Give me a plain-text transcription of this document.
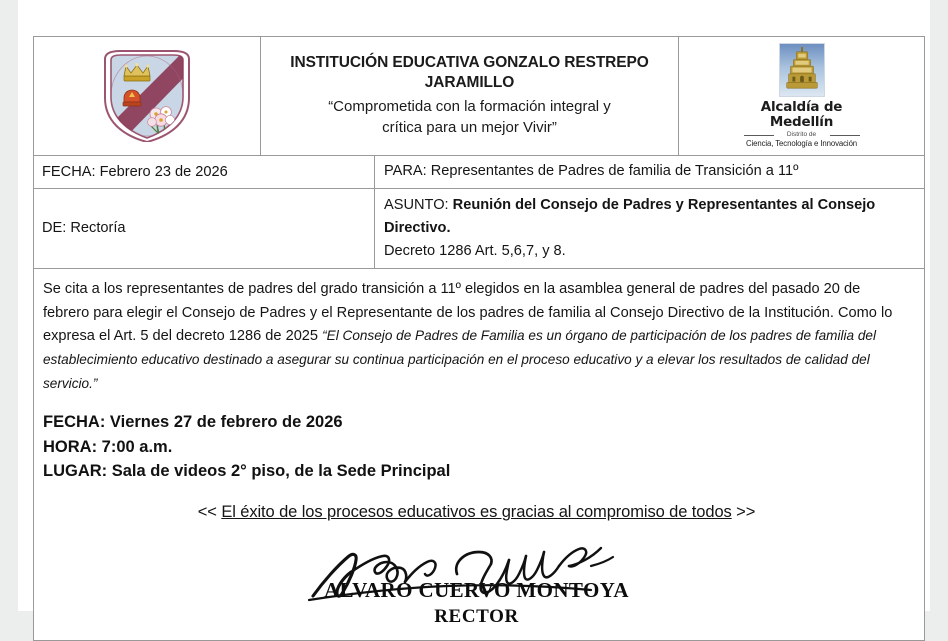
INSTITUCIÓN EDUCATIVA GONZALO RESTREPO JARAMILLO
“Comprometida con la formación integral y
crítica para un mejor Vivir”
Alcaldía de Medellín
Distrito de
Ciencia, Tecnología e Innovación
FECHA: Febrero 23 de 2026	PARA: Representantes de Padres de familia de Transición a 11º
DE: Rectoría
ASUNTO: Reunión del Consejo de Padres y Representantes al Consejo Directivo.
Decreto 1286 Art. 5,6,7, y 8.

Se cita a los representantes de padres del grado transición a 11º elegidos en la asamblea general de padres del pasado 20 de febrero para elegir el Consejo de Padres y el Representante de los padres de familia al Consejo Directivo de la Institución. Como lo expresa el Art. 5 del decreto 1286 de 2025 “El Consejo de Padres de Familia es un órgano de participación de los padres de familia del establecimiento educativo destinado a asegurar su continua participación en el proceso educativo y a elevar los resultados de calidad del servicio.”

FECHA: Viernes 27 de febrero de 2026
HORA: 7:00 a.m.
LUGAR: Sala de videos 2° piso, de la Sede Principal
<< El éxito de los procesos educativos es gracias al compromiso de todos >>
ALVARO CUERVO MONTOYA
RECTOR
